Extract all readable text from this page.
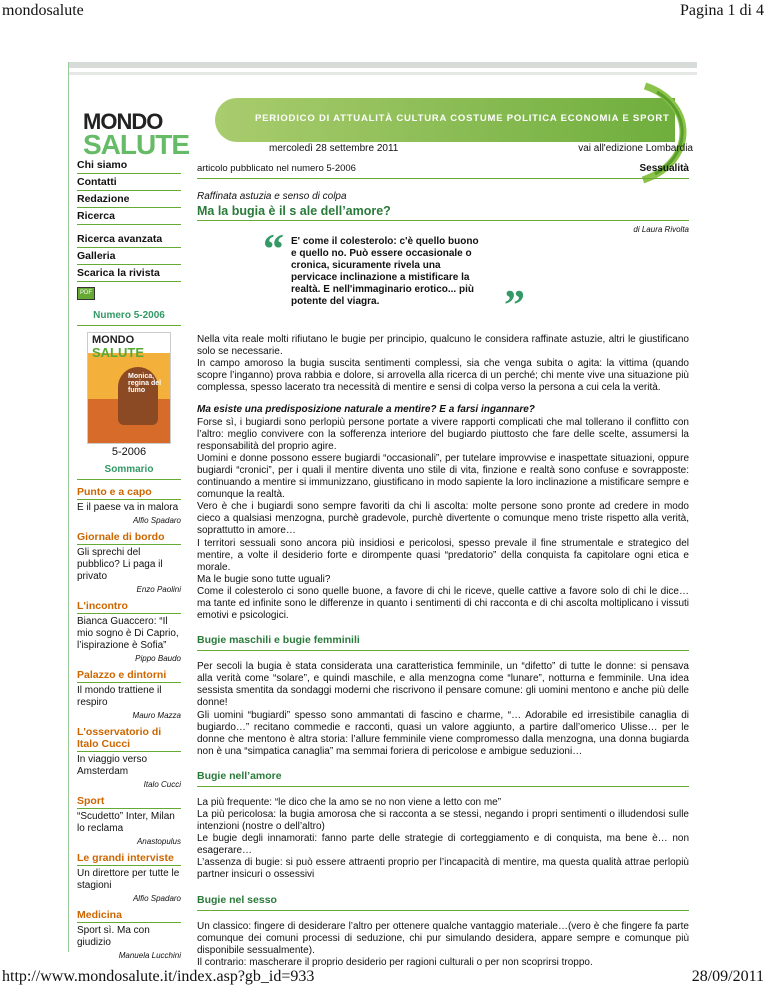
mondosalute	Pagina 1 di 4
MONDO
SALUTE
PERIODICO DI ATTUALITÀ CULTURA COSTUME POLITICA ECONOMIA E SPORT
mercoledì 28 settembre 2011	vai all'edizione Lombardia
Chi siamo
Contatti
Redazione
Ricerca
Ricerca avanzata
Galleria
Scarica la rivista
PDF
Numero 5-2006
MONDO
SALUTE
Monica, regina del fumo
5-2006
Sommario
Punto e a capo
E il paese va in malora
Alfio Spadaro
Giornale di bordo
Gli sprechi del pubblico? Li paga il privato
Enzo Paolini
L'incontro
Bianca Guaccero: “Il mio sogno è Di Caprio, l’ispirazione è Sofia”
Pippo Baudo
Palazzo e dintorni
Il mondo trattiene il respiro
Mauro Mazza
L'osservatorio di Italo Cucci
In viaggio verso Amsterdam
Italo Cucci
Sport
“Scudetto” Inter, Milan lo reclama
Anastopulus
Le grandi interviste
Un direttore per tutte le stagioni
Alfio Spadaro
Medicina
Sport sì. Ma con giudizio
Manuela Lucchini
articolo pubblicato nel numero 5-2006	Sessualità
Raffinata astuzia e senso di colpa
Ma la bugia è il s ale dell’amore?
di Laura Rivolta
“ E' come il colesterolo: c'è quello buono e quello no. Può essere occasionale o cronica, sicuramente rivela una pervicace inclinazione a mistificare la realtà. E nell'immaginario erotico... più potente del viagra.	”
Nella vita reale molti rifiutano le bugie per principio, qualcuno le considera raffinate astuzie, altri le giustificano solo se necessarie.
In campo amoroso la bugia suscita sentimenti complessi, sia che venga subita o agita: la vittima (quando scopre l’inganno) prova rabbia e dolore, si arrovella alla ricerca di un perché; chi mente vive una situazione più complessa, spesso lacerato tra necessità di mentire e sensi di colpa verso la persona a cui cela la verità.
Ma esiste una predisposizione naturale a mentire? E a farsi ingannare?
Forse sì, i bugiardi sono perlopiù persone portate a vivere rapporti complicati che mal tollerano il conflitto con l’altro: meglio convivere con la sofferenza interiore del bugiardo piuttosto che fare delle scelte, assumersi la responsabilità del proprio agire.
Uomini e donne possono essere bugiardi “occasionali”, per tutelare improvvise e inaspettate situazioni, oppure bugiardi “cronici”, per i quali il mentire diventa uno stile di vita, finzione e realtà sono confuse e sovrapposte: continuando a mentire si immunizzano, giustificano in modo sapiente la loro inclinazione a mistificare sempre e comunque la realtà.
Vero è che i bugiardi sono sempre favoriti da chi li ascolta: molte persone sono pronte ad credere in modo cieco a qualsiasi menzogna, purchè gradevole, purchè divertente o comunque meno triste rispetto alla verità, soprattutto in amore…
I territori sessuali sono ancora più insidiosi e pericolosi, spesso prevale il fine strumentale e strategico del mentire, a volte il desiderio forte e dirompente quasi “predatorio” della conquista fa capitolare ogni etica e morale.
Ma le bugie sono tutte uguali?
Come il colesterolo ci sono quelle buone, a favore di chi le riceve, quelle cattive a favore solo di chi le dice…ma tante ed infinite sono le differenze in quanto i sentimenti di chi racconta e di chi ascolta moltiplicano i vissuti emotivi e psicologici.
Bugie maschili e bugie femminili
Per secoli la bugia è stata considerata una caratteristica femminile, un “difetto” di tutte le donne: si pensava alla verità come “solare”, e quindi maschile, e alla menzogna come “lunare”, notturna e femminile. Una idea sessista smentita da sondaggi moderni che riscrivono il pensare comune: gli uomini mentono e anche più delle donne!
Gli uomini “bugiardi” spesso sono ammantati di fascino e charme, “… Adorabile ed irresistibile canaglia di bugiardo…” recitano commedie e racconti, quasi un valore aggiunto, a partire dall’omerico Ulisse… per le donne che mentono è altra storia: l’allure femminile viene compromesso dalla menzogna, una donna bugiarda non è una “simpatica canaglia” ma semmai foriera di pericolose e ambigue seduzioni…
Bugie nell’amore
La più frequente: “le dico che la amo se no non viene a letto con me”
La più pericolosa: la bugia amorosa che si racconta a se stessi, negando i propri sentimenti o illudendosi sulle intenzioni (nostre o dell’altro)
Le bugie degli innamorati: fanno parte delle strategie di corteggiamento e di conquista, ma bene è… non esagerare…
L’assenza di bugie: si può essere attraenti proprio per l’incapacità di mentire, ma questa qualità attrae perlopiù partner insicuri o ossessivi
Bugie nel sesso
Un classico: fingere di desiderare l’altro per ottenere qualche vantaggio materiale…(vero è che fingere fa parte comunque dei comuni processi di seduzione, chi pur simulando desidera, appare sempre e comunque più disponibile sessualmente).
Il contrario: mascherare il proprio desiderio per ragioni culturali o per non scoprirsi troppo.
http://www.mondosalute.it/index.asp?gb_id=933	28/09/2011
